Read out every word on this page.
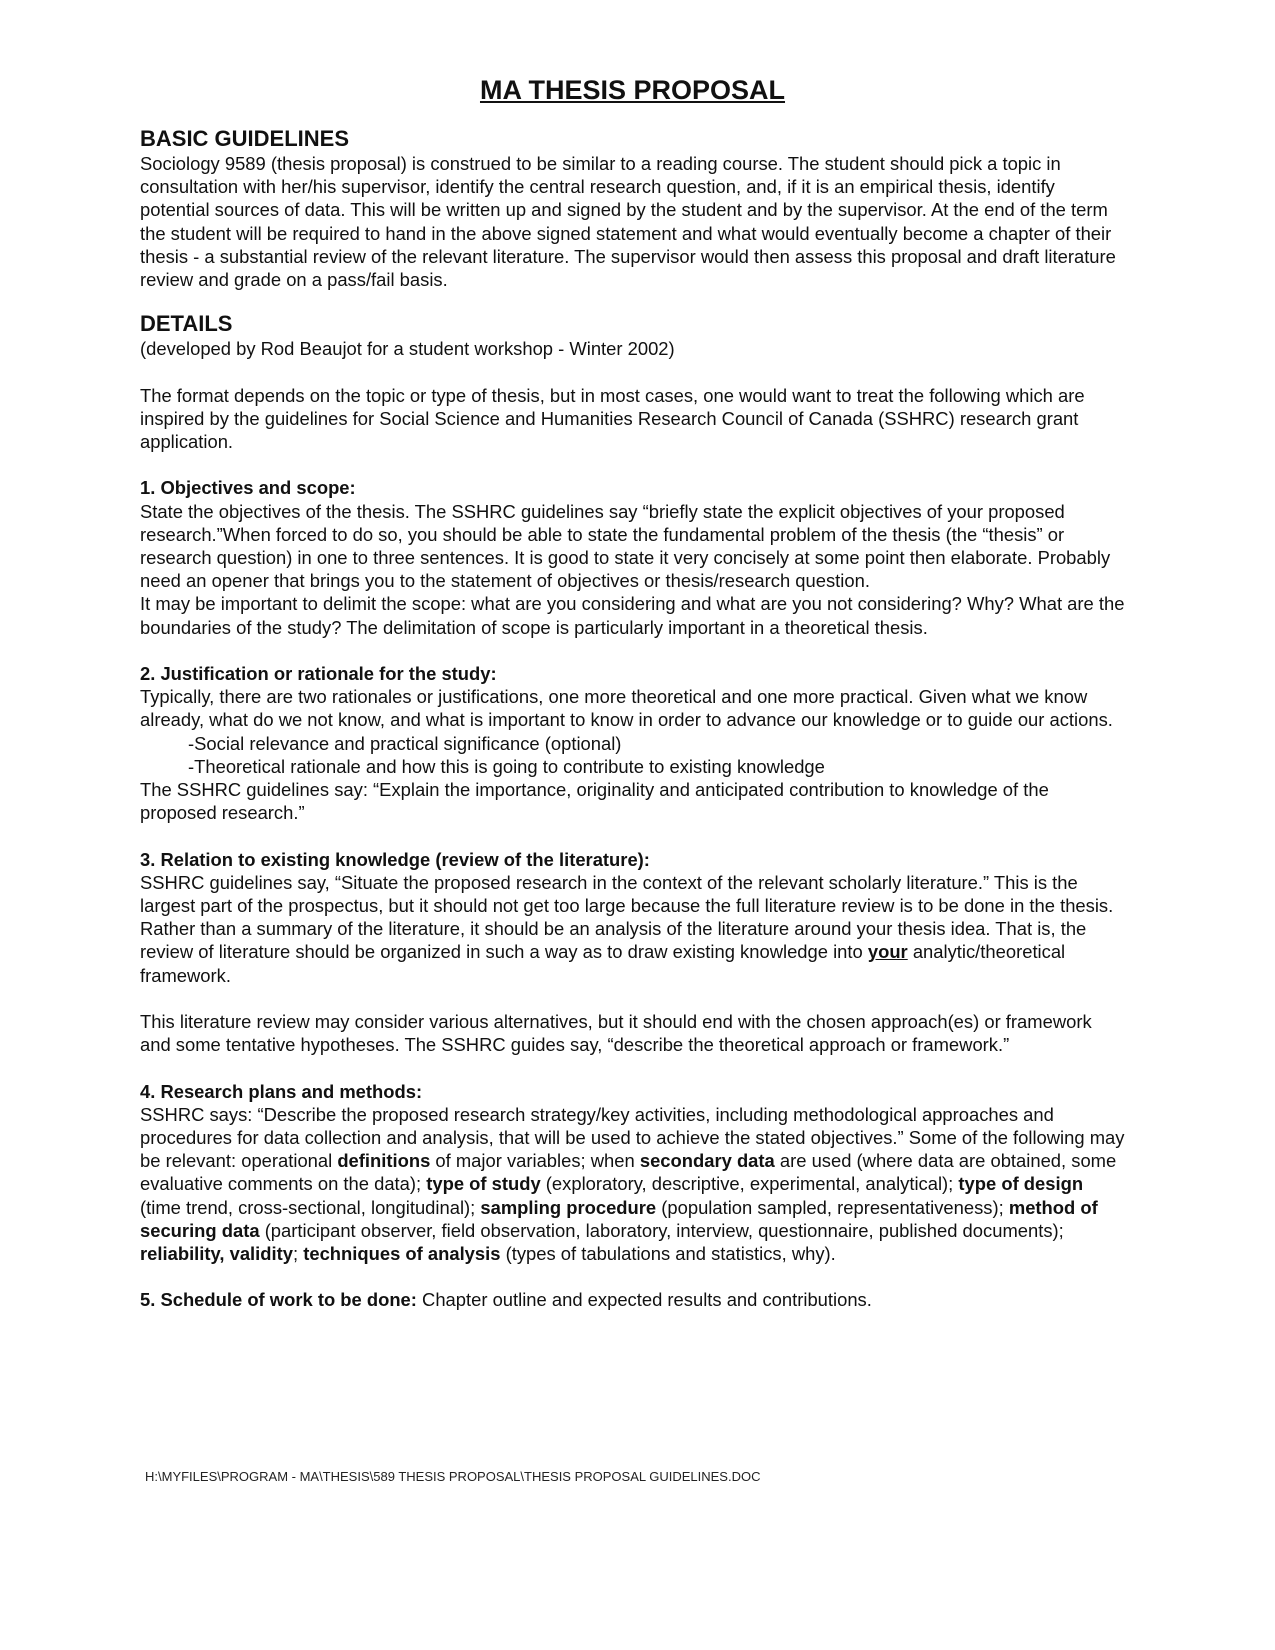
MA THESIS PROPOSAL
BASIC GUIDELINES

Sociology 9589 (thesis proposal) is construed to be similar to a reading course. The student should pick a topic in consultation with her/his supervisor, identify the central research question, and, if it is an empirical thesis, identify potential sources of data. This will be written up and signed by the student and by the supervisor. At the end of the term the student will be required to hand in the above signed statement and what would eventually become a chapter of their thesis - a substantial review of the relevant literature. The supervisor would then assess this proposal and draft literature review and grade on a pass/fail basis.

DETAILS

(developed by Rod Beaujot for a student workshop - Winter 2002)

The format depends on the topic or type of thesis, but in most cases, one would want to treat the following which are inspired by the guidelines for Social Science and Humanities Research Council of Canada (SSHRC) research grant application.

1. Objectives and scope:

State the objectives of the thesis. The SSHRC guidelines say “briefly state the explicit objectives of your proposed research.”When forced to do so, you should be able to state the fundamental problem of the thesis (the “thesis” or research question) in one to three sentences. It is good to state it very concisely at some point then elaborate. Probably need an opener that brings you to the statement of objectives or thesis/research question.

It may be important to delimit the scope: what are you considering and what are you not considering? Why? What are the boundaries of the study? The delimitation of scope is particularly important in a theoretical thesis.

2. Justification or rationale for the study:

Typically, there are two rationales or justifications, one more theoretical and one more practical. Given what we know already, what do we not know, and what is important to know in order to advance our knowledge or to guide our actions.

-Social relevance and practical significance (optional)

-Theoretical rationale and how this is going to contribute to existing knowledge

The SSHRC guidelines say: “Explain the importance, originality and anticipated contribution to knowledge of the proposed research.”

3. Relation to existing knowledge (review of the literature):

SSHRC guidelines say, “Situate the proposed research in the context of the relevant scholarly literature.” This is the largest part of the prospectus, but it should not get too large because the full literature review is to be done in the thesis. Rather than a summary of the literature, it should be an analysis of the literature around your thesis idea. That is, the review of literature should be organized in such a way as to draw existing knowledge into your analytic/theoretical framework.

This literature review may consider various alternatives, but it should end with the chosen approach(es) or framework and some tentative hypotheses. The SSHRC guides say, “describe the theoretical approach or framework.”

4. Research plans and methods:

SSHRC says: “Describe the proposed research strategy/key activities, including methodological approaches and procedures for data collection and analysis, that will be used to achieve the stated objectives.” Some of the following may be relevant: operational definitions of major variables; when secondary data are used (where data are obtained, some evaluative comments on the data); type of study (exploratory, descriptive, experimental, analytical); type of design (time trend, cross-sectional, longitudinal); sampling procedure (population sampled, representativeness); method of securing data (participant observer, field observation, laboratory, interview, questionnaire, published documents); reliability, validity; techniques of analysis (types of tabulations and statistics, why).

5. Schedule of work to be done: Chapter outline and expected results and contributions.

H:\MYFILES\PROGRAM - MA\THESIS\589 THESIS PROPOSAL\THESIS PROPOSAL GUIDELINES.DOC
